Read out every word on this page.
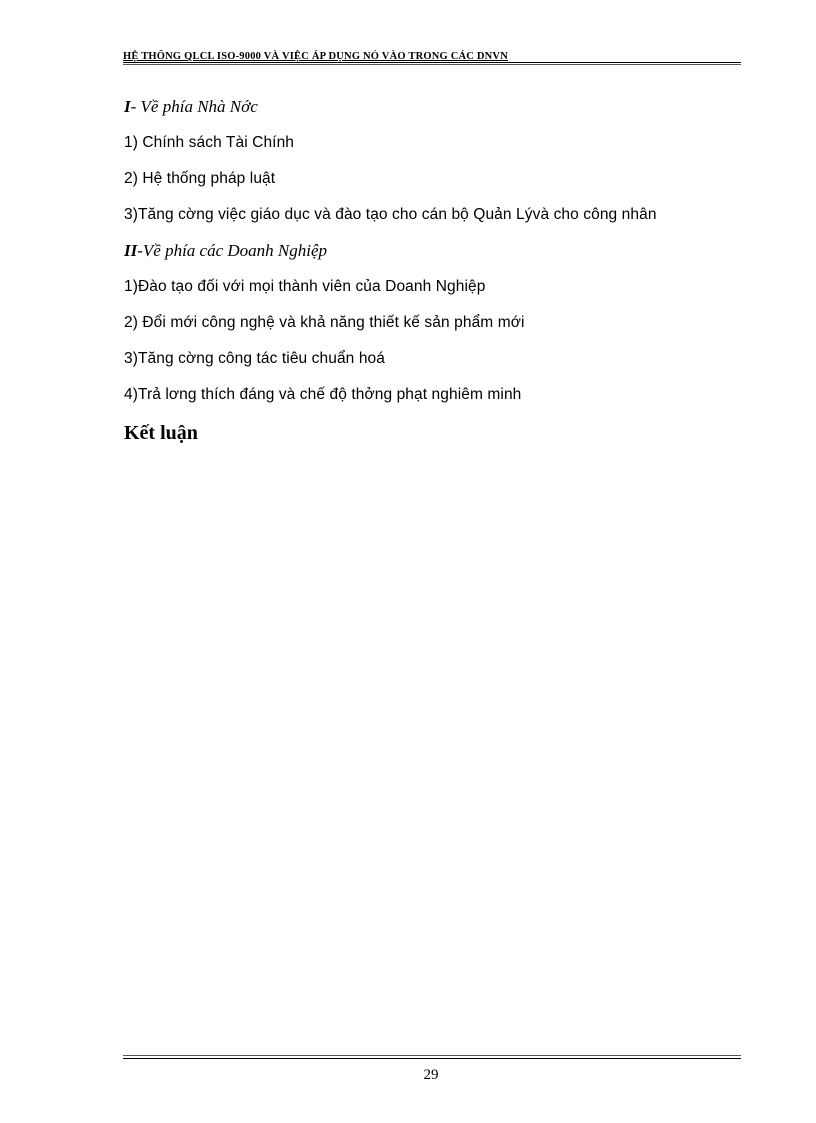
HỆ THỐNG QLCL ISO-9000 VÀ VIỆC ÁP DỤNG NÓ VÀO TRONG CÁC DNVN
I- Về phía Nhà Nớc
1) Chính sách Tài Chính
2) Hệ thống pháp luật
3)Tăng cờng việc giáo dục và đào tạo cho cán bộ Quản Lývà cho công nhân
II-Về phía các Doanh Nghiệp
1)Đào tạo đối với mọi thành viên của Doanh Nghiệp
2) Đổi mới công nghệ và khả năng thiết kế sản phẩm mới
3)Tăng cờng công tác tiêu chuẩn hoá
4)Trả lơng thích đáng và chế độ thởng phạt nghiêm minh
Kết luận
29
